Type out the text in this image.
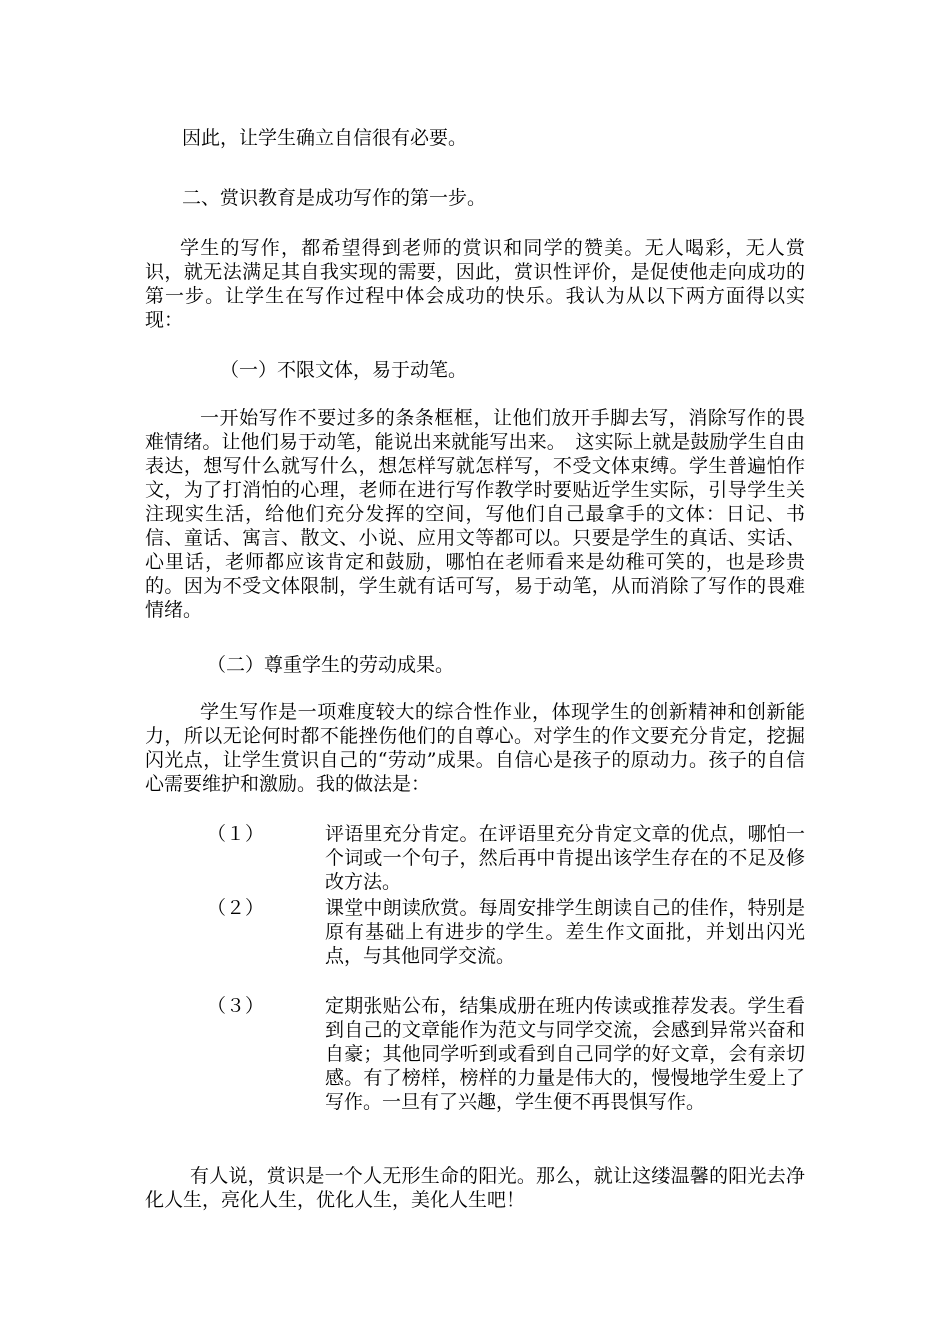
因此，让学生确立自信很有必要。

二、赏识教育是成功写作的第一步。

学生的写作，都希望得到老师的赏识和同学的赞美。无人喝彩，无人赏识，就无法满足其自我实现的需要，因此，赏识性评价，是促使他走向成功的第一步。让学生在写作过程中体会成功的快乐。我认为从以下两方面得以实现：

（一）不限文体，易于动笔。

一开始写作不要过多的条条框框，让他们放开手脚去写，消除写作的畏难情绪。让他们易于动笔，能说出来就能写出来。　这实际上就是鼓励学生自由表达，想写什么就写什么，想怎样写就怎样写，不受文体束缚。学生普遍怕作文，为了打消怕的心理，老师在进行写作教学时要贴近学生实际，引导学生关注现实生活，给他们充分发挥的空间，写他们自己最拿手的文体：日记、书信、童话、寓言、散文、小说、应用文等都可以。只要是学生的真话、实话、心里话，老师都应该肯定和鼓励，哪怕在老师看来是幼稚可笑的，也是珍贵的。因为不受文体限制，学生就有话可写，易于动笔，从而消除了写作的畏难情绪。

（二）尊重学生的劳动成果。

学生写作是一项难度较大的综合性作业，体现学生的创新精神和创新能力，所以无论何时都不能挫伤他们的自尊心。对学生的作文要充分肯定，挖掘闪光点，让学生赏识自己的“劳动”成果。自信心是孩子的原动力。孩子的自信心需要维护和激励。我的做法是：

（１）	评语里充分肯定。在评语里充分肯定文章的优点，哪怕一个词或一个句子，然后再中肯提出该学生存在的不足及修改方法。

（２）	课堂中朗读欣赏。每周安排学生朗读自己的佳作，特别是原有基础上有进步的学生。差生作文面批，并划出闪光点，与其他同学交流。

（３）	定期张贴公布，结集成册在班内传读或推荐发表。学生看到自己的文章能作为范文与同学交流，会感到异常兴奋和自豪；其他同学听到或看到自己同学的好文章，会有亲切感。有了榜样，榜样的力量是伟大的，慢慢地学生爱上了写作。一旦有了兴趣，学生便不再畏惧写作。

有人说，赏识是一个人无形生命的阳光。那么，就让这缕温馨的阳光去净化人生，亮化人生，优化人生，美化人生吧！
